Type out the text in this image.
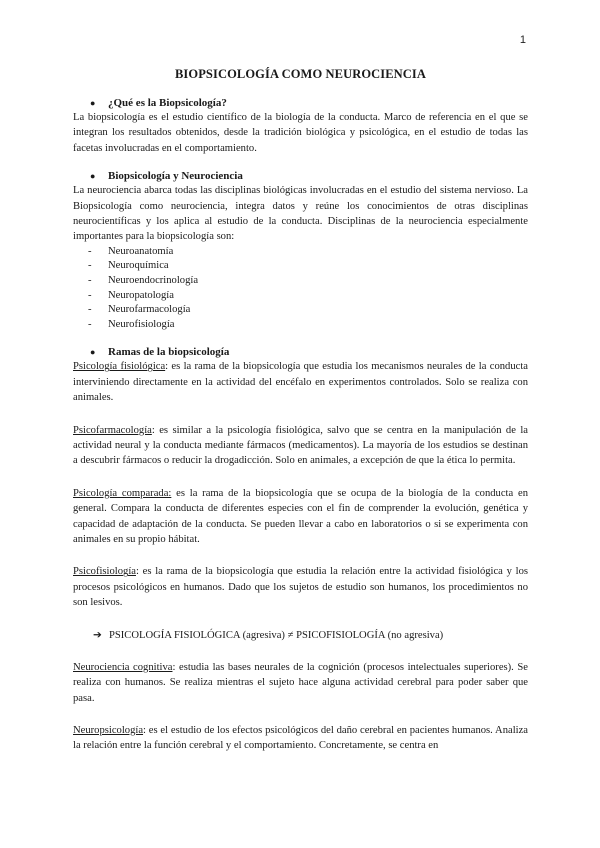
1
BIOPSICOLOGÍA COMO NEUROCIENCIA
● ¿Qué es la Biopsicología?

La biopsicología es el estudio científico de la biología de la conducta. Marco de referencia en el que se integran los resultados obtenidos, desde la tradición biológica y psicológica, en el estudio de todas las facetas involucradas en el comportamiento.

● Biopsicología y Neurociencia

La neurociencia abarca todas las disciplinas biológicas involucradas en el estudio del sistema nervioso. La Biopsicología como neurociencia, integra datos y reúne los conocimientos de otras disciplinas neurocientíficas y los aplica al estudio de la conducta. Disciplinas de la neurociencia especialmente importantes para la biopsicología son:

- Neuroanatomía
- Neuroquímica
- Neuroendocrinología
- Neuropatología
- Neurofarmacología
- Neurofisiología
● Ramas de la biopsicología

Psicología fisiológica: es la rama de la biopsicología que estudia los mecanismos neurales de la conducta interviniendo directamente en la actividad del encéfalo en experimentos controlados. Solo se realiza con animales.

Psicofarmacología: es similar a la psicología fisiológica, salvo que se centra en la manipulación de la actividad neural y la conducta mediante fármacos (medicamentos). La mayoría de los estudios se destinan a descubrir fármacos o reducir la drogadicción. Solo en animales, a excepción de que la ética lo permita.

Psicología comparada: es la rama de la biopsicología que se ocupa de la biología de la conducta en general. Compara la conducta de diferentes especies con el fin de comprender la evolución, genética y capacidad de adaptación de la conducta. Se pueden llevar a cabo en laboratorios o si se experimenta con animales en su propio hábitat.

Psicofisiología: es la rama de la biopsicología que estudia la relación entre la actividad fisiológica y los procesos psicológicos en humanos. Dado que los sujetos de estudio son humanos, los procedimientos no son lesivos.

➔ PSICOLOGÍA FISIOLÓGICA (agresiva) ≠ PSICOFISIOLOGÍA (no agresiva)

Neurociencia cognitiva: estudia las bases neurales de la cognición (procesos intelectuales superiores). Se realiza con humanos. Se realiza mientras el sujeto hace alguna actividad cerebral para poder saber que pasa.

Neuropsicología: es el estudio de los efectos psicológicos del daño cerebral en pacientes humanos. Analiza la relación entre la función cerebral y el comportamiento. Concretamente, se centra en
